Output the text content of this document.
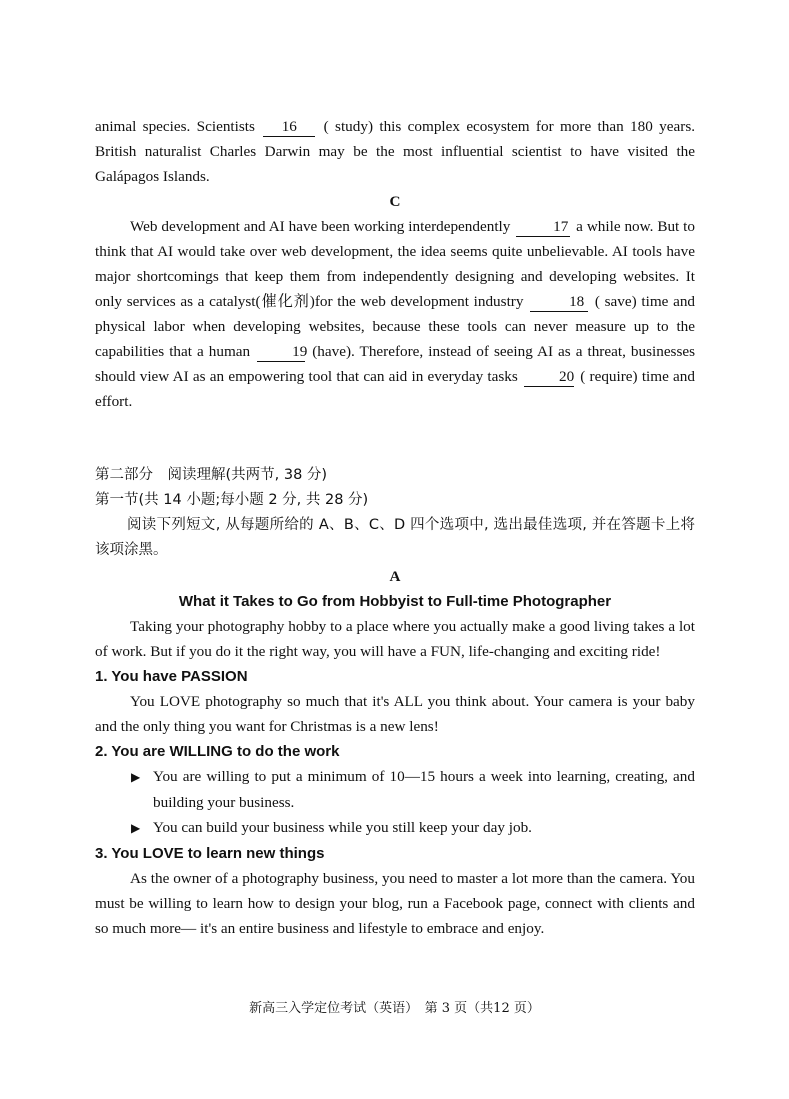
animal species. Scientists 16 ( study) this complex ecosystem for more than 180 years. British naturalist Charles Darwin may be the most influential scientist to have visited the Galápagos Islands.

C

Web development and AI have been working interdependently	17 a while now. But to think that AI would take over web development, the idea seems quite unbelievable. AI tools have major shortcomings that keep them from independently designing and developing websites. It only services as a catalyst(催化剂)for the web development industry	18 ( save) time and physical labor when developing websites, because these tools can never measure up to the capabilities that a human	19 (have). Therefore, instead of seeing AI as a threat, businesses should view AI as an empowering tool that can aid in everyday tasks	20 ( require) time and effort.

第二部分　阅读理解(共两节, 38 分)

第一节(共 14 小题;每小题 2 分, 共 28 分)

阅读下列短文, 从每题所给的 A、B、C、D 四个选项中, 选出最佳选项, 并在答题卡上将该项涂黑。

A

What it Takes to Go from Hobbyist to Full-time Photographer

Taking your photography hobby to a place where you actually make a good living takes a lot of work. But if you do it the right way, you will have a FUN, life-changing and exciting ride!

1. You have PASSION

You LOVE photography so much that it's ALL you think about. Your camera is your baby and the only thing you want for Christmas is a new lens!

2. You are WILLING to do the work

▶ You are willing to put a minimum of 10—15 hours a week into learning, creating, and building your business.

▶ You can build your business while you still keep your day job.

3. You LOVE to learn new things

As the owner of a photography business, you need to master a lot more than the camera. You must be willing to learn how to design your blog, run a Facebook page, connect with clients and so much more— it's an entire business and lifestyle to embrace and enjoy.

新高三入学定位考试（英语）　第 3 页（共12 页）
